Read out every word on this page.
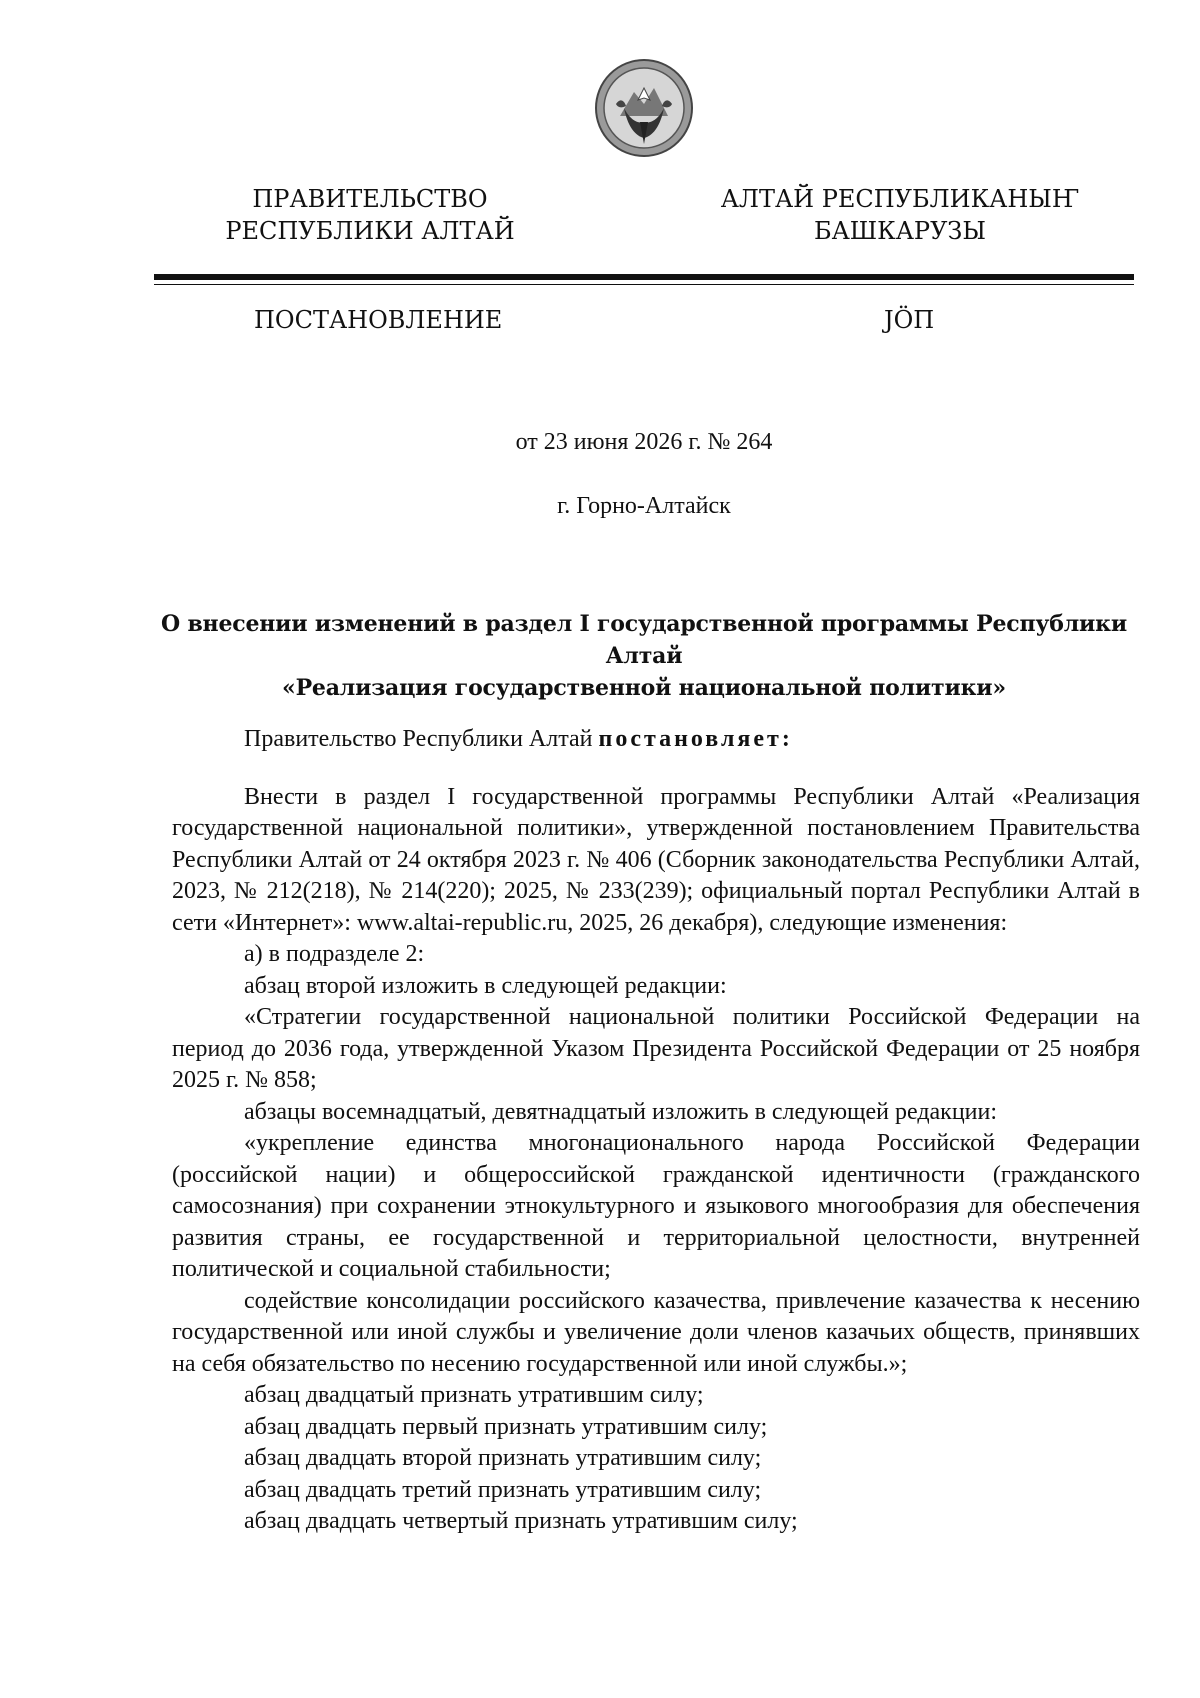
ПРАВИТЕЛЬСТВО
РЕСПУБЛИКИ АЛТАЙ
АЛТАЙ РЕСПУБЛИКАНЫҤ
БАШКАРУЗЫ
ПОСТАНОВЛЕНИЕ	ЈӦП
от 23 июня 2026 г. № 264
г. Горно-Алтайск
О внесении изменений в раздел I государственной программы Республики Алтай
«Реализация государственной национальной политики»

Правительство Республики Алтай постановляет:

Внести в раздел I государственной программы Республики Алтай «Реализация государственной национальной политики», утвержденной постановлением Правительства Республики Алтай от 24 октября 2023 г. № 406 (Сборник законодательства Республики Алтай, 2023, № 212(218), № 214(220); 2025, № 233(239); официальный портал Республики Алтай в сети «Интернет»: www.altai-republic.ru, 2025, 26 декабря), следующие изменения:

а) в подразделе 2:

абзац второй изложить в следующей редакции:

«Стратегии государственной национальной политики Российской Федерации на период до 2036 года, утвержденной Указом Президента Российской Федерации от 25 ноября 2025 г. № 858;

абзацы восемнадцатый, девятнадцатый изложить в следующей редакции:

«укрепление единства многонационального народа Российской Федерации (российской нации) и общероссийской гражданской идентичности (гражданского самосознания) при сохранении этнокультурного и языкового многообразия для обеспечения развития страны, ее государственной и территориальной целостности, внутренней политической и социальной стабильности;

содействие консолидации российского казачества, привлечение казачества к несению государственной или иной службы и увеличение доли членов казачьих обществ, принявших на себя обязательство по несению государственной или иной службы.»;

абзац двадцатый признать утратившим силу;

абзац двадцать первый признать утратившим силу;

абзац двадцать второй признать утратившим силу;

абзац двадцать третий признать утратившим силу;

абзац двадцать четвертый признать утратившим силу;
